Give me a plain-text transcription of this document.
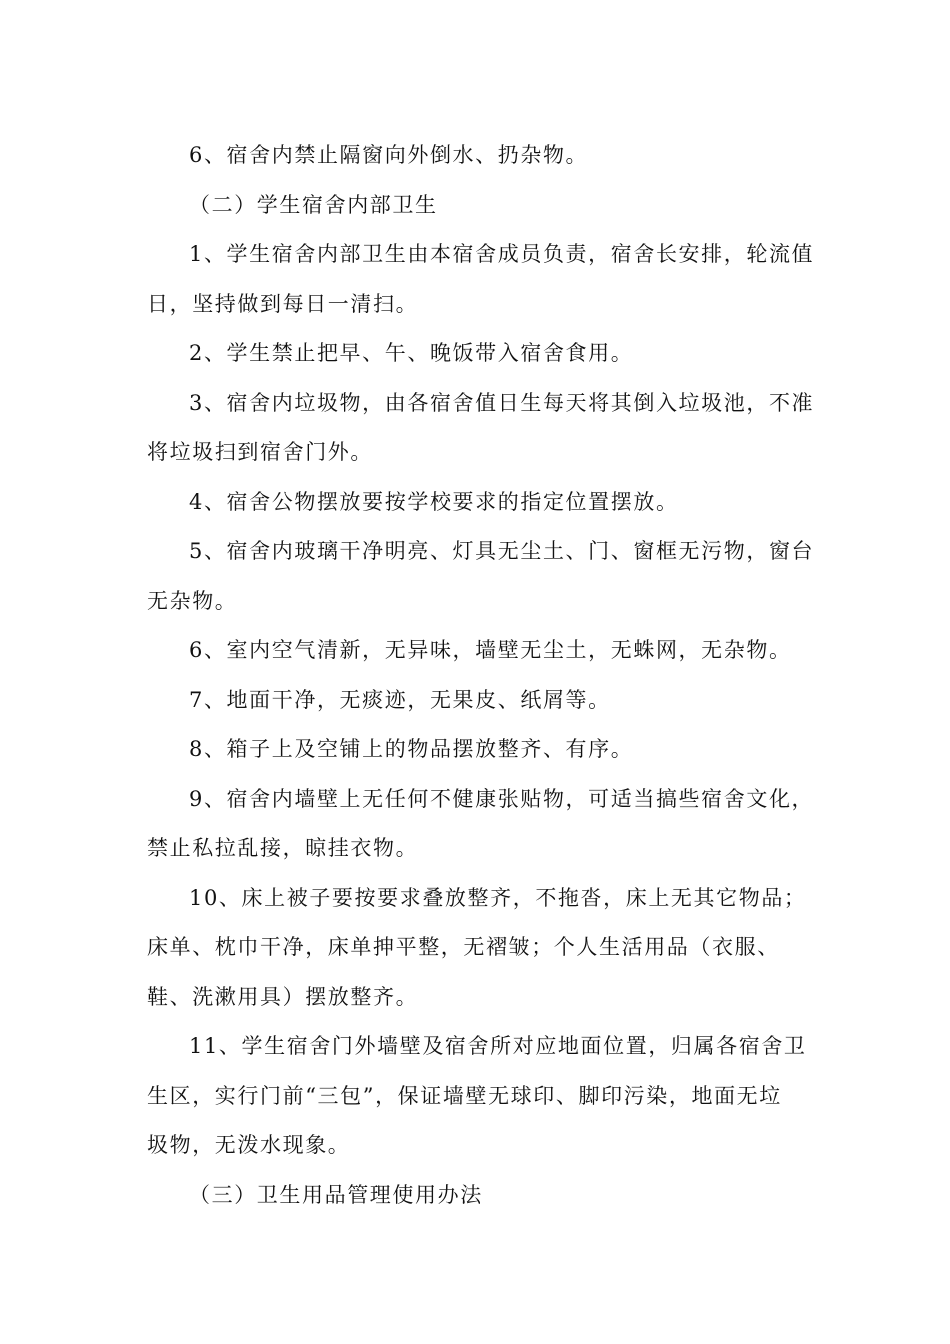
6、宿舍内禁止隔窗向外倒水、扔杂物。
（二）学生宿舍内部卫生
1、学生宿舍内部卫生由本宿舍成员负责，宿舍长安排，轮流值
日，坚持做到每日一清扫。
2、学生禁止把早、午、晚饭带入宿舍食用。
3、宿舍内垃圾物，由各宿舍值日生每天将其倒入垃圾池，不准
将垃圾扫到宿舍门外。
4、宿舍公物摆放要按学校要求的指定位置摆放。
5、宿舍内玻璃干净明亮、灯具无尘土、门、窗框无污物，窗台
无杂物。
6、室内空气清新，无异味，墙壁无尘土，无蛛网，无杂物。
7、地面干净，无痰迹，无果皮、纸屑等。
8、箱子上及空铺上的物品摆放整齐、有序。
9、宿舍内墙壁上无任何不健康张贴物，可适当搞些宿舍文化，
禁止私拉乱接，晾挂衣物。
10、床上被子要按要求叠放整齐，不拖沓，床上无其它物品；
床单、枕巾干净，床单抻平整，无褶皱；个人生活用品（衣服、
鞋、洗漱用具）摆放整齐。
11、学生宿舍门外墙壁及宿舍所对应地面位置，归属各宿舍卫
生区，实行门前“三包”，保证墙壁无球印、脚印污染，地面无垃
圾物，无泼水现象。
（三）卫生用品管理使用办法
